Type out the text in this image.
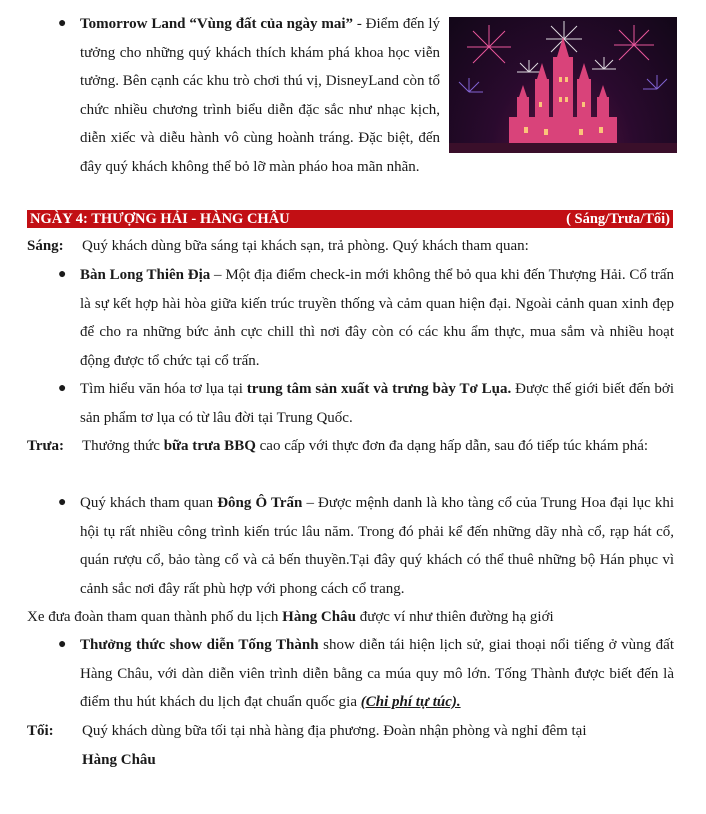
● Tomorrow Land “Vùng đất của ngày mai” - Điểm đến lý tưởng cho những quý khách thích khám phá khoa học viễn tưởng. Bên cạnh các khu trò chơi thú vị, DisneyLand còn tổ chức nhiều chương trình biểu diễn đặc sắc như nhạc kịch, diễn xiếc và diễu hành vô cùng hoành tráng. Đặc biệt, đến đây quý khách không thể bỏ lỡ màn pháo hoa mãn nhãn.

NGÀY 4: THƯỢNG HẢI - HÀNG CHÂU	( Sáng/Trưa/Tối)
Sáng: Quý khách dùng bữa sáng tại khách sạn, trả phòng. Quý khách tham quan:

● Bàn Long Thiên Địa – Một địa điểm check-in mới không thể bỏ qua khi đến Thượng Hải. Cổ trấn là sự kết hợp hài hòa giữa kiến trúc truyền thống và cảm quan hiện đại. Ngoài cảnh quan xinh đẹp để cho ra những bức ảnh cực chill thì nơi đây còn có các khu ẩm thực, mua sắm và nhiều hoạt động được tổ chức tại cổ trấn.

● Tìm hiểu văn hóa tơ lụa tại trung tâm sản xuất và trưng bày Tơ Lụa. Được thế giới biết đến bởi sản phẩm tơ lụa có từ lâu đời tại Trung Quốc.

Trưa: Thưởng thức bữa trưa BBQ cao cấp với thực đơn đa dạng hấp dẫn, sau đó tiếp túc khám phá:

● Quý khách tham quan Đông Ô Trấn – Được mệnh danh là kho tàng cổ của Trung Hoa đại lục khi hội tụ rất nhiều công trình kiến trúc lâu năm. Trong đó phải kể đến những dãy nhà cổ, rạp hát cổ, quán rượu cổ, bảo tàng cổ và cả bến thuyền.Tại đây quý khách có thể thuê những bộ Hán phục vì cảnh sắc nơi đây rất phù hợp với phong cách cổ trang.

Xe đưa đoàn tham quan thành phố du lịch Hàng Châu được ví như thiên đường hạ giới

● Thưởng thức show diễn Tống Thành show diễn tái hiện lịch sử, giai thoại nổi tiếng ở vùng đất Hàng Châu, với dàn diễn viên trình diễn bằng ca múa quy mô lớn. Tống Thành được biết đến là điểm thu hút khách du lịch đạt chuẩn quốc gia (Chi phí tự túc).

Tối: Quý khách dùng bữa tối tại nhà hàng địa phương. Đoàn nhận phòng và nghỉ đêm tại
Hàng Châu
